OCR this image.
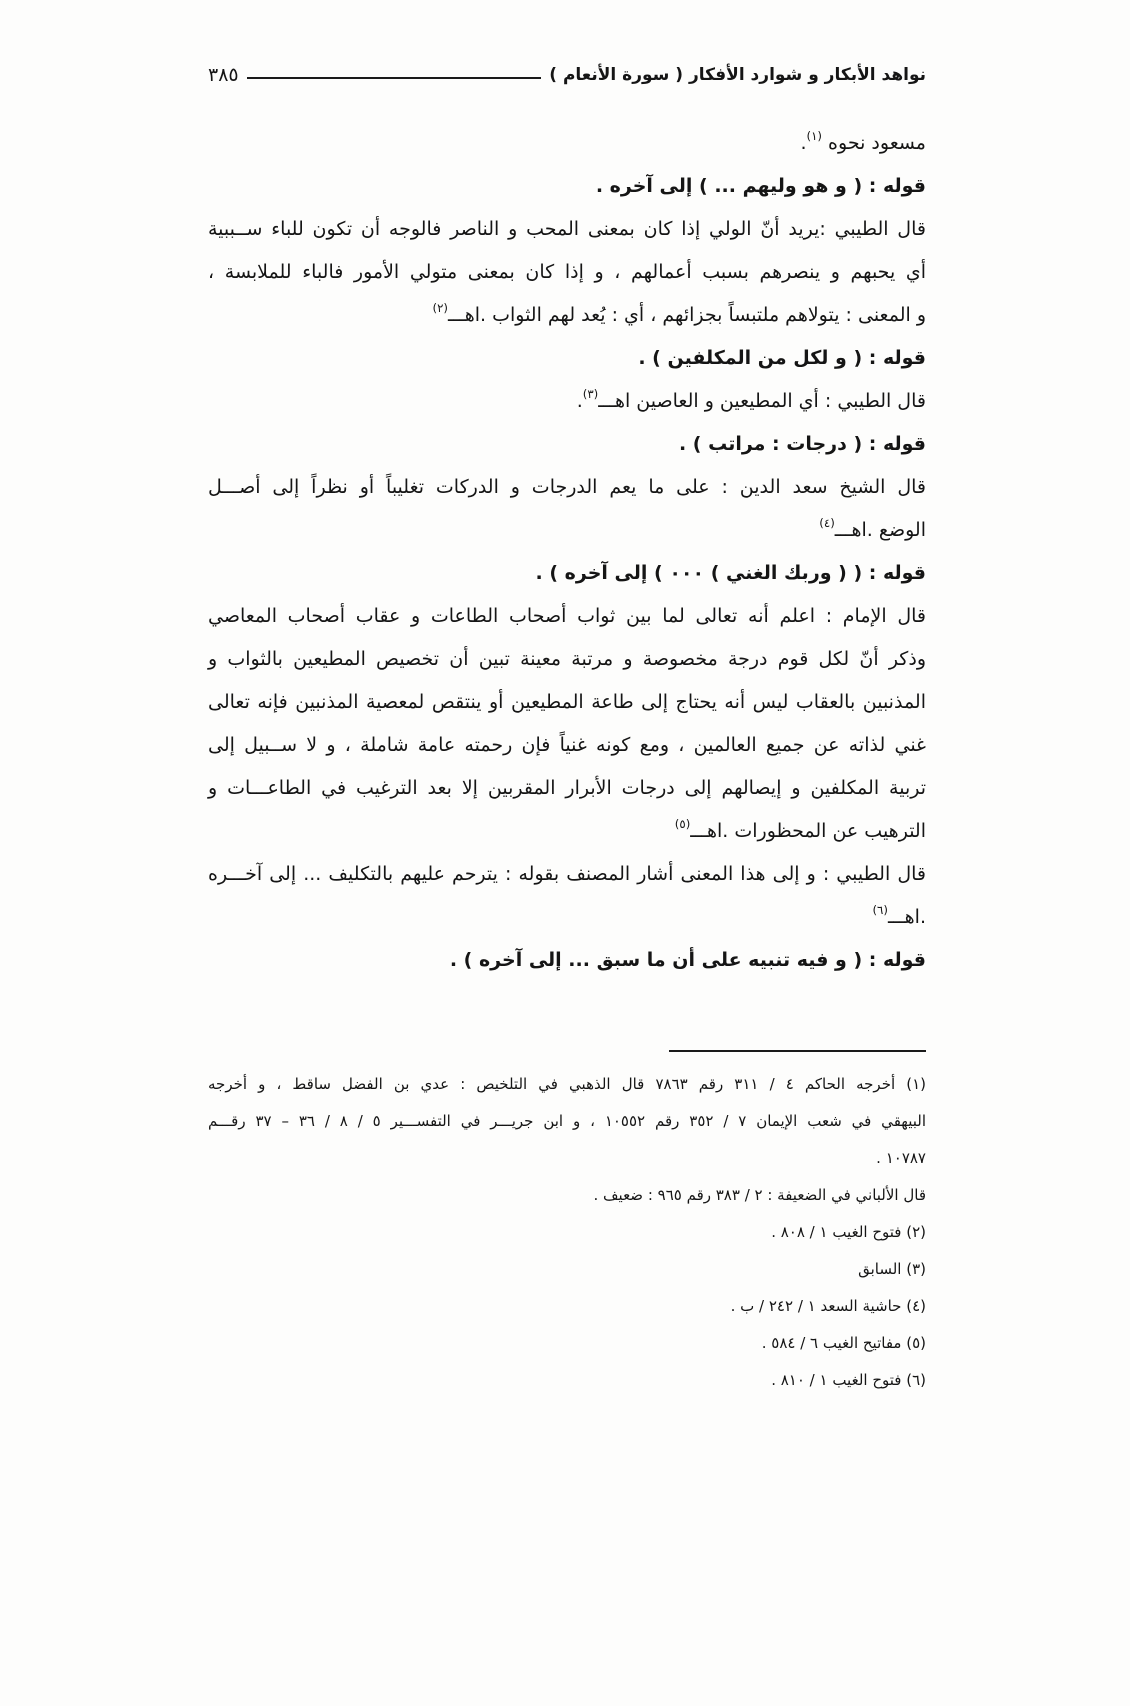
نواهد الأبكار و شوارد الأفكار ( سورة الأنعام )
٣٨٥
مسعود نحوه $^{(١)}$.
قوله : ( و هو وليهم ... ) إلى آخره .
قال الطيبي :يريد أنّ الولي إذا كان بمعنى المحب و الناصر فالوجه أن تكون للباء ســببية
أي يحبهم و ينصرهم بسبب أعمالهم ، و إذا كان بمعنى متولي الأمور فالباء للملابسة ،
و المعنى : يتولاهم ملتبساً بجزائهم ، أي : يُعد لهم الثواب .اهـــ$^{(٢)}$
قوله : ( و لكل من المكلفين ) .
قال الطيبي : أي المطيعين و العاصين اهـــ$^{(٣)}$.
قوله : ( درجات : مراتب ) .
قال الشيخ سعد الدين : على ما يعم الدرجات و الدركات تغليباً أو نظراً إلى أصـــل
الوضع .اهـــ$^{(٤)}$
قوله : ( ( وربك الغني ) ٠٠٠ ) إلى آخره ) .
قال الإمام : اعلم أنه تعالى لما بين ثواب أصحاب الطاعات و عقاب أصحاب المعاصي
وذكر أنّ لكل قوم درجة مخصوصة و مرتبة معينة تبين أن تخصيص المطيعين بالثواب و
المذنبين بالعقاب ليس أنه يحتاج إلى طاعة المطيعين أو ينتقص لمعصية المذنبين فإنه تعالى
غني لذاته عن جميع العالمين ، ومع كونه غنياً فإن رحمته عامة شاملة ، و لا ســبيل إلى
تربية المكلفين و إيصالهم إلى درجات الأبرار المقربين إلا بعد الترغيب في الطاعـــات و
الترهيب عن المحظورات .اهـــ$^{(٥)}$
قال الطيبي : و إلى هذا المعنى أشار المصنف بقوله : يترحم عليهم بالتكليف ... إلى آخـــره
.اهـــ$^{(٦)}$
قوله : ( و فيه تنبيه على أن ما سبق ... إلى آخره ) .
(١) أخرجه الحاكم ٤ / ٣١١ رقم ٧٨٦٣ قال الذهبي في التلخيص : عدي بن الفضل ساقط ، و أخرجه
البيهقي في شعب الإيمان ٧ / ٣٥٢ رقم ١٠٥٥٢ ، و ابن جريـــر في التفســـير ٥ / ٨ / ٣٦ – ٣٧ رقـــم
١٠٧٨٧ .
قال الألباني في الضعيفة : ٢ / ٣٨٣ رقم ٩٦٥ : ضعيف .
(٢) فتوح الغيب ١ / ٨٠٨ .
(٣) السابق
(٤) حاشية السعد ١ / ٢٤٢ / ب .
(٥) مفاتيح الغيب ٦ / ٥٨٤ .
(٦) فتوح الغيب ١ / ٨١٠ .
